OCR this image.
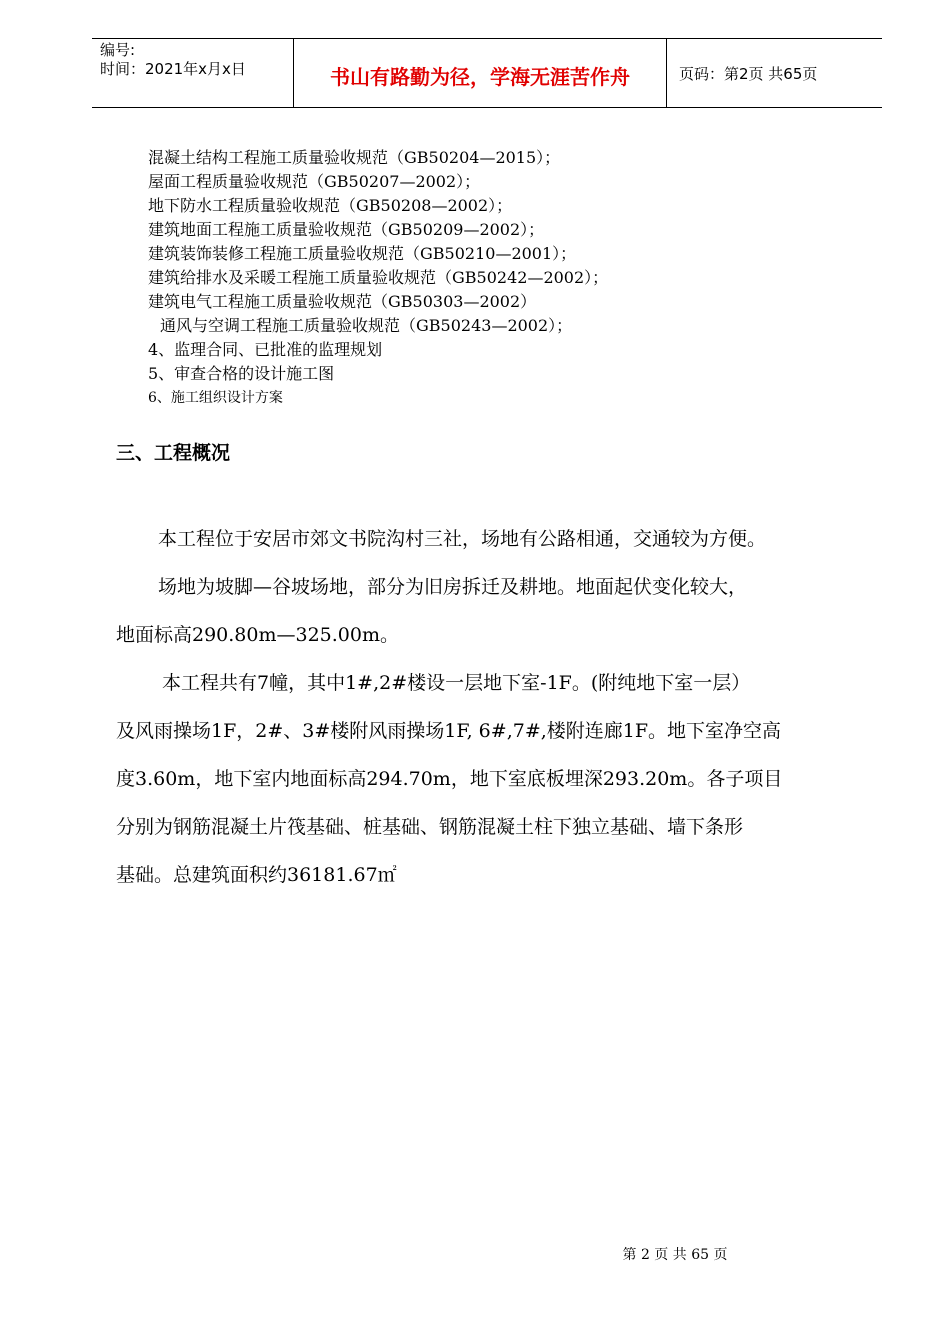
编号:
时间：2021年x月x日	书山有路勤为径，学海无涯苦作舟	页码：第2页 共65页
混凝土结构工程施工质量验收规范（GB50204—2015）；
屋面工程质量验收规范（GB50207—2002）；
地下防水工程质量验收规范（GB50208—2002）；
建筑地面工程施工质量验收规范（GB50209—2002）；
建筑装饰装修工程施工质量验收规范（GB50210—2001）；
建筑给排水及采暖工程施工质量验收规范（GB50242—2002）；
建筑电气工程施工质量验收规范（GB50303—2002）
通风与空调工程施工质量验收规范（GB50243—2002）；
4、监理合同、已批准的监理规划
5、审查合格的设计施工图
6、施工组织设计方案
三、工程概况
本工程位于安居市郊文书院沟村三社，场地有公路相通，交通较为方便。
场地为坡脚—谷坡场地，部分为旧房拆迁及耕地。地面起伏变化较大，
地面标高290.80m—325.00m。
本工程共有7幢，其中1#,2#楼设一层地下室-1F。(附纯地下室一层）
及风雨操场1F，2#、3#楼附风雨操场1F, 6#,7#,楼附连廊1F。地下室净空高
度3.60m，地下室内地面标高294.70m，地下室底板埋深293.20m。各子项目
分别为钢筋混凝土片筏基础、桩基础、钢筋混凝土柱下独立基础、墙下条形
基础。总建筑面积约36181.67㎡
第 2 页 共 65 页
